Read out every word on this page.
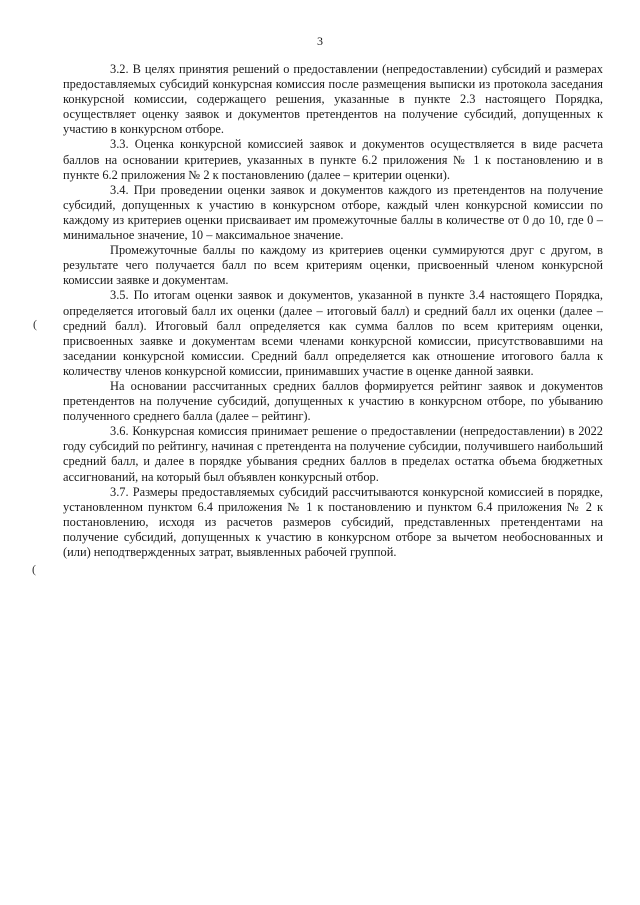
3

3.2. В целях принятия решений о предоставлении (непредоставлении) субсидий и размерах предоставляемых субсидий конкурсная комиссия после размещения выписки из протокола заседания конкурсной комиссии, содержащего решения, указанные в пункте 2.3 настоящего Порядка, осуществляет оценку заявок и документов претендентов на получение субсидий, допущенных к участию в конкурсном отборе.

3.3. Оценка конкурсной комиссией заявок и документов осуществляется в виде расчета баллов на основании критериев, указанных в пункте 6.2 приложения № 1 к постановлению и в пункте 6.2 приложения № 2 к постановлению (далее – критерии оценки).

3.4. При проведении оценки заявок и документов каждого из претендентов на получение субсидий, допущенных к участию в конкурсном отборе, каждый член конкурсной комиссии по каждому из критериев оценки присваивает им промежуточные баллы в количестве от 0 до 10, где 0 – минимальное значение, 10 – максимальное значение.

Промежуточные баллы по каждому из критериев оценки суммируются друг с другом, в результате чего получается балл по всем критериям оценки, присвоенный членом конкурсной комиссии заявке и документам.

3.5. По итогам оценки заявок и документов, указанной в пункте 3.4 настоящего Порядка, определяется итоговый балл их оценки (далее – итоговый балл) и средний балл их оценки (далее – средний балл). Итоговый балл определяется как сумма баллов по всем критериям оценки, присвоенных заявке и документам всеми членами конкурсной комиссии, присутствовавшими на заседании конкурсной комиссии. Средний балл определяется как отношение итогового балла к количеству членов конкурсной комиссии, принимавших участие в оценке данной заявки.

На основании рассчитанных средних баллов формируется рейтинг заявок и документов претендентов на получение субсидий, допущенных к участию в конкурсном отборе, по убыванию полученного среднего балла (далее – рейтинг).

3.6. Конкурсная комиссия принимает решение о предоставлении (непредоставлении) в 2022 году субсидий по рейтингу, начиная с претендента на получение субсидии, получившего наибольший средний балл, и далее в порядке убывания средних баллов в пределах остатка объема бюджетных ассигнований, на который был объявлен конкурсный отбор.

3.7. Размеры предоставляемых субсидий рассчитываются конкурсной комиссией в порядке, установленном пунктом 6.4 приложения № 1 к постановлению и пунктом 6.4 приложения № 2 к постановлению, исходя из расчетов размеров субсидий, представленных претендентами на получение субсидий, допущенных к участию в конкурсном отборе за вычетом необоснованных и (или) неподтвержденных затрат, выявленных рабочей группой.

(
(
